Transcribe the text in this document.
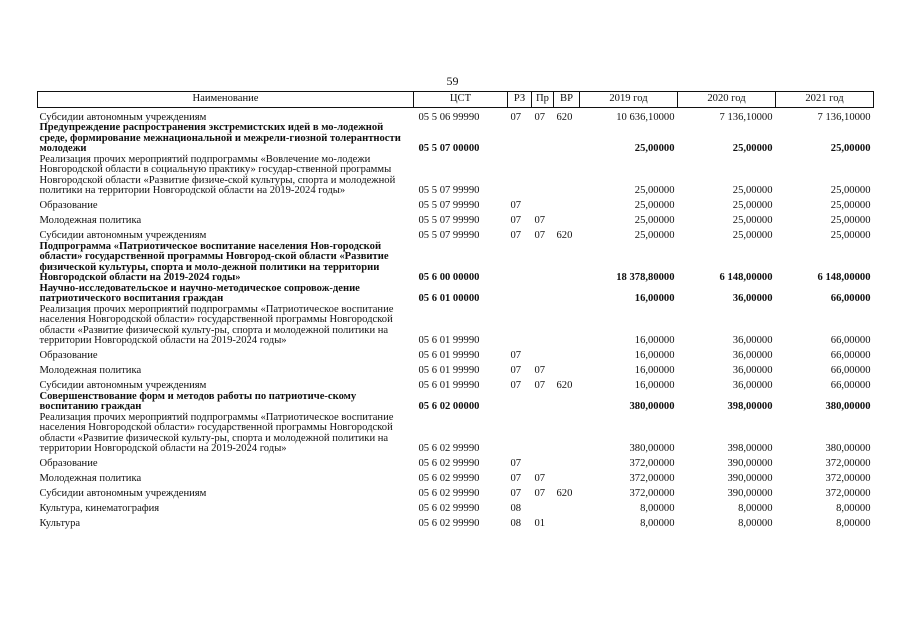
59
Наименование	ЦСТ	РЗ	Пр	ВР	2019 год	2020 год	2021 год
Субсидии автономным учреждениям	05 5 06 99990	07	07	620	10 636,10000	7 136,10000	7 136,10000
Предупреждение распространения экстремистских идей в мо-лодежной среде, формирование межнациональной и межрели-гиозной толерантности молодежи	05 5 07 00000				25,00000	25,00000	25,00000
Реализация прочих мероприятий подпрограммы «Вовлечение мо-лодежи Новгородской области в социальную практику» государ-ственной программы Новгородской области «Развитие физиче-ской культуры, спорта и молодежной политики на территории Новгородской области на 2019-2024 годы»	05 5 07 99990				25,00000	25,00000	25,00000
Образование	05 5 07 99990	07			25,00000	25,00000	25,00000
Молодежная политика	05 5 07 99990	07	07		25,00000	25,00000	25,00000
Субсидии автономным учреждениям	05 5 07 99990	07	07	620	25,00000	25,00000	25,00000
Подпрограмма «Патриотическое воспитание населения Нов-городской области» государственной программы Новгород-ской области «Развитие физической культуры, спорта и моло-дежной политики на территории Новгородской области на 2019-2024 годы»	05 6 00 00000				18 378,80000	6 148,00000	6 148,00000
Научно-исследовательское и научно-методическое сопровож-дение патриотического воспитания граждан	05 6 01 00000				16,00000	36,00000	66,00000
Реализация прочих мероприятий подпрограммы «Патриотическое воспитание населения Новгородской области» государственной программы Новгородской области «Развитие физической культу-ры, спорта и молодежной политики на территории Новгородской области на 2019-2024 годы»	05 6 01 99990				16,00000	36,00000	66,00000
Образование	05 6 01 99990	07			16,00000	36,00000	66,00000
Молодежная политика	05 6 01 99990	07	07		16,00000	36,00000	66,00000
Субсидии автономным учреждениям	05 6 01 99990	07	07	620	16,00000	36,00000	66,00000
Совершенствование форм и методов работы по патриотиче-скому воспитанию граждан	05 6 02 00000				380,00000	398,00000	380,00000
Реализация прочих мероприятий подпрограммы «Патриотическое воспитание населения Новгородской области» государственной программы Новгородской области «Развитие физической культу-ры, спорта и молодежной политики на территории Новгородской области на 2019-2024 годы»	05 6 02 99990				380,00000	398,00000	380,00000
Образование	05 6 02 99990	07			372,00000	390,00000	372,00000
Молодежная политика	05 6 02 99990	07	07		372,00000	390,00000	372,00000
Субсидии автономным учреждениям	05 6 02 99990	07	07	620	372,00000	390,00000	372,00000
Культура, кинематография	05 6 02 99990	08			8,00000	8,00000	8,00000
Культура	05 6 02 99990	08	01		8,00000	8,00000	8,00000
